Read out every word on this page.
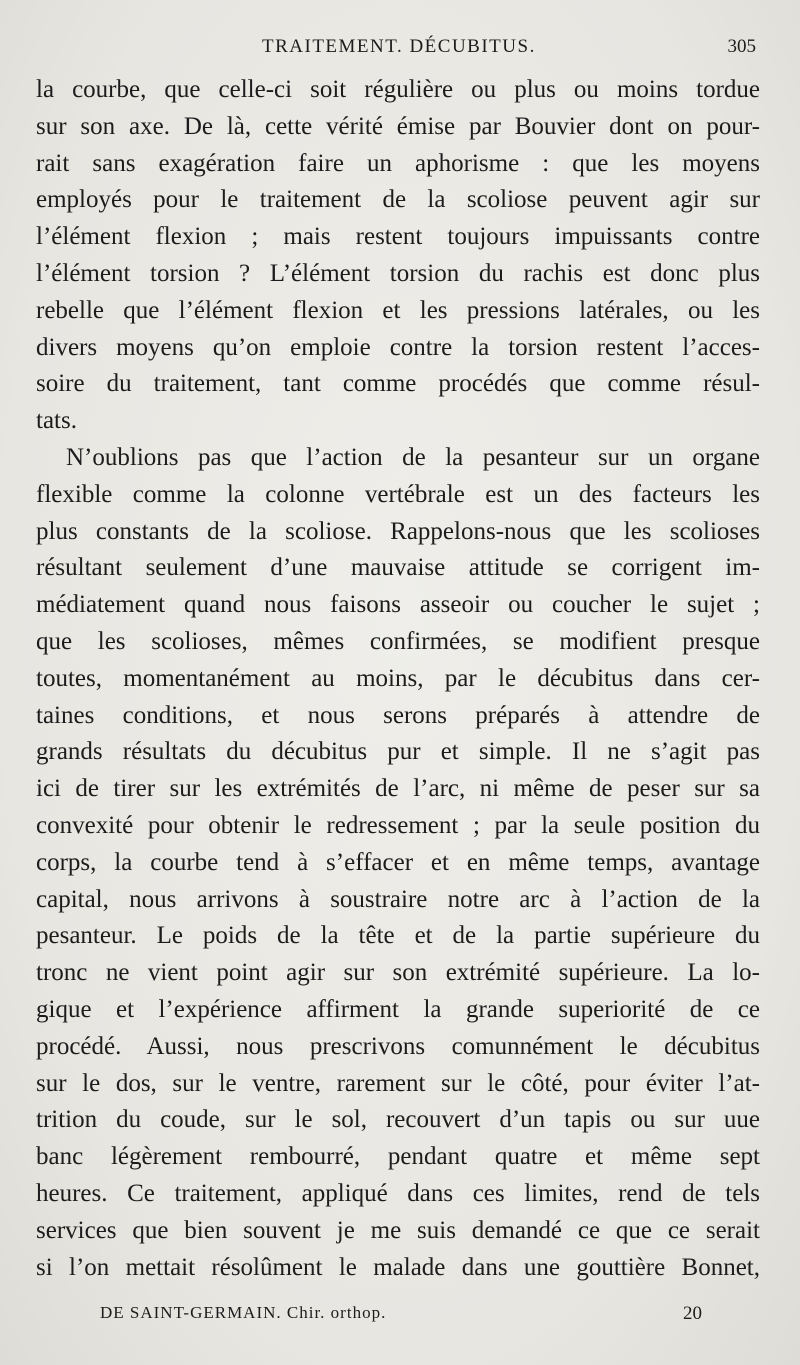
TRAITEMENT. DÉCUBITUS.	305
la courbe, que celle-ci soit régulière ou plus ou moins tordue
sur son axe. De là, cette vérité émise par Bouvier dont on pour-
rait sans exagération faire un aphorisme : que les moyens
employés pour le traitement de la scoliose peuvent agir sur
l’élément flexion ; mais restent toujours impuissants contre
l’élément torsion ? L’élément torsion du rachis est donc plus
rebelle que l’élément flexion et les pressions latérales, ou les
divers moyens qu’on emploie contre la torsion restent l’acces-
soire du traitement, tant comme procédés que comme résul-
tats.
N’oublions pas que l’action de la pesanteur sur un organe
flexible comme la colonne vertébrale est un des facteurs les
plus constants de la scoliose. Rappelons-nous que les scolioses
résultant seulement d’une mauvaise attitude se corrigent im-
médiatement quand nous faisons asseoir ou coucher le sujet ;
que les scolioses, mêmes confirmées, se modifient presque
toutes, momentanément au moins, par le décubitus dans cer-
taines conditions, et nous serons préparés à attendre de
grands résultats du décubitus pur et simple. Il ne s’agit pas
ici de tirer sur les extrémités de l’arc, ni même de peser sur sa
convexité pour obtenir le redressement ; par la seule position du
corps, la courbe tend à s’effacer et en même temps, avantage
capital, nous arrivons à soustraire notre arc à l’action de la
pesanteur. Le poids de la tête et de la partie supérieure du
tronc ne vient point agir sur son extrémité supérieure. La lo-
gique et l’expérience affirment la grande superiorité de ce
procédé. Aussi, nous prescrivons comunnément le décubitus
sur le dos, sur le ventre, rarement sur le côté, pour éviter l’at-
trition du coude, sur le sol, recouvert d’un tapis ou sur uue
banc légèrement rembourré, pendant quatre et même sept
heures. Ce traitement, appliqué dans ces limites, rend de tels
services que bien souvent je me suis demandé ce que ce serait
si l’on mettait résolûment le malade dans une gouttière Bonnet,
DE SAINT-GERMAIN. Chir. orthop.	20
